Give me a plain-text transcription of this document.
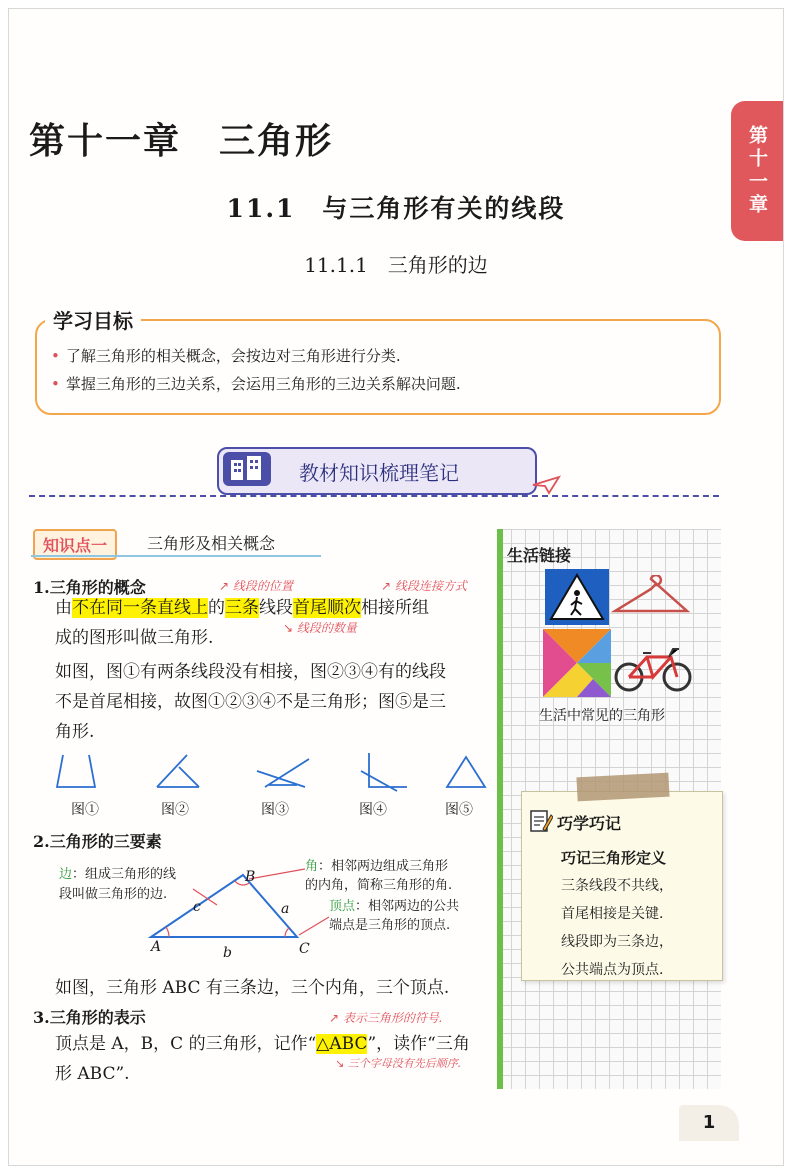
第十一章　三角形	第十一章
11.1　与三角形有关的线段
11.1.1　三角形的边
学习目标
• 了解三角形的相关概念，会按边对三角形进行分类.
• 掌握三角形的三边关系，会运用三角形的三边关系解决问题.
教材知识梳理笔记
知识点一	三角形及相关概念
1.三角形的概念	↗ 线段的位置	↗ 线段连接方式
由不在同一条直线上的三条线段首尾顺次相接所组
↘ 线段的数量
成的图形叫做三角形.
如图，图①有两条线段没有相接，图②③④有的线段
不是首尾相接，故图①②③④不是三角形；图⑤是三
角形.
图①	图②	图③	图④	图⑤
2.三角形的三要素
边：组成三角形的线
段叫做三角形的边.
角：相邻两边组成三角形
的内角，简称三角形的角.
顶点：相邻两边的公共
端点是三角形的顶点.
A
B
C
a
b
c
如图，三角形 ABC 有三条边，三个内角，三个顶点.
3.三角形的表示	↗ 表示三角形的符号.
顶点是 A，B，C 的三角形，记作“△ABC”，读作“三角
↘ 三个字母没有先后顺序.
形 ABC”.
生活链接
生活中常见的三角形
巧学巧记
巧记三角形定义
三条线段不共线，
首尾相接是关键.
线段即为三条边，
公共端点为顶点.
1
